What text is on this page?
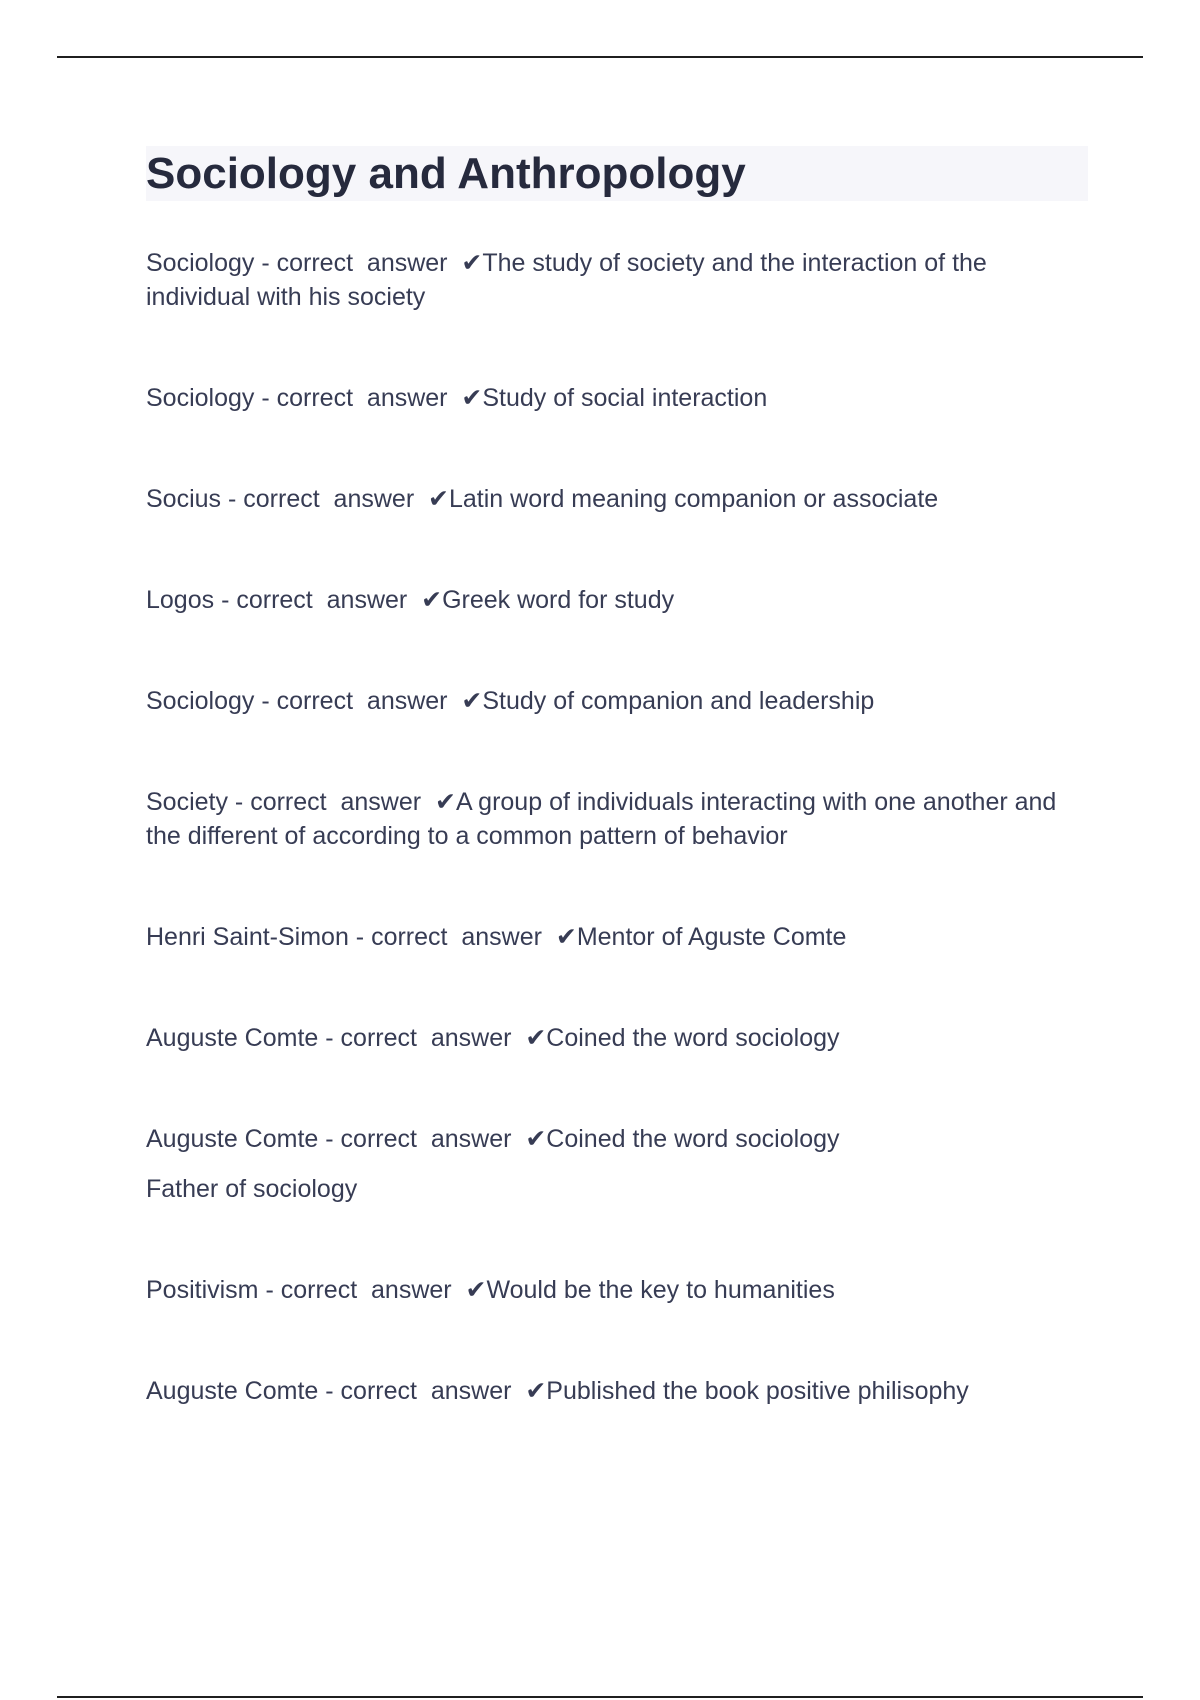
Sociology and Anthropology

Sociology - correct  answer  ✔The study of society and the interaction of the individual with his society

Sociology - correct  answer  ✔Study of social interaction

Socius - correct  answer  ✔Latin word meaning companion or associate

Logos - correct  answer  ✔Greek word for study

Sociology - correct  answer  ✔Study of companion and leadership

Society - correct  answer  ✔A group of individuals interacting with one another and the different of according to a common pattern of behavior

Henri Saint-Simon - correct  answer  ✔Mentor of Aguste Comte

Auguste Comte - correct  answer  ✔Coined the word sociology

Auguste Comte - correct  answer  ✔Coined the word sociology
Father of sociology

Positivism - correct  answer  ✔Would be the key to humanities

Auguste Comte - correct  answer  ✔Published the book positive philisophy
